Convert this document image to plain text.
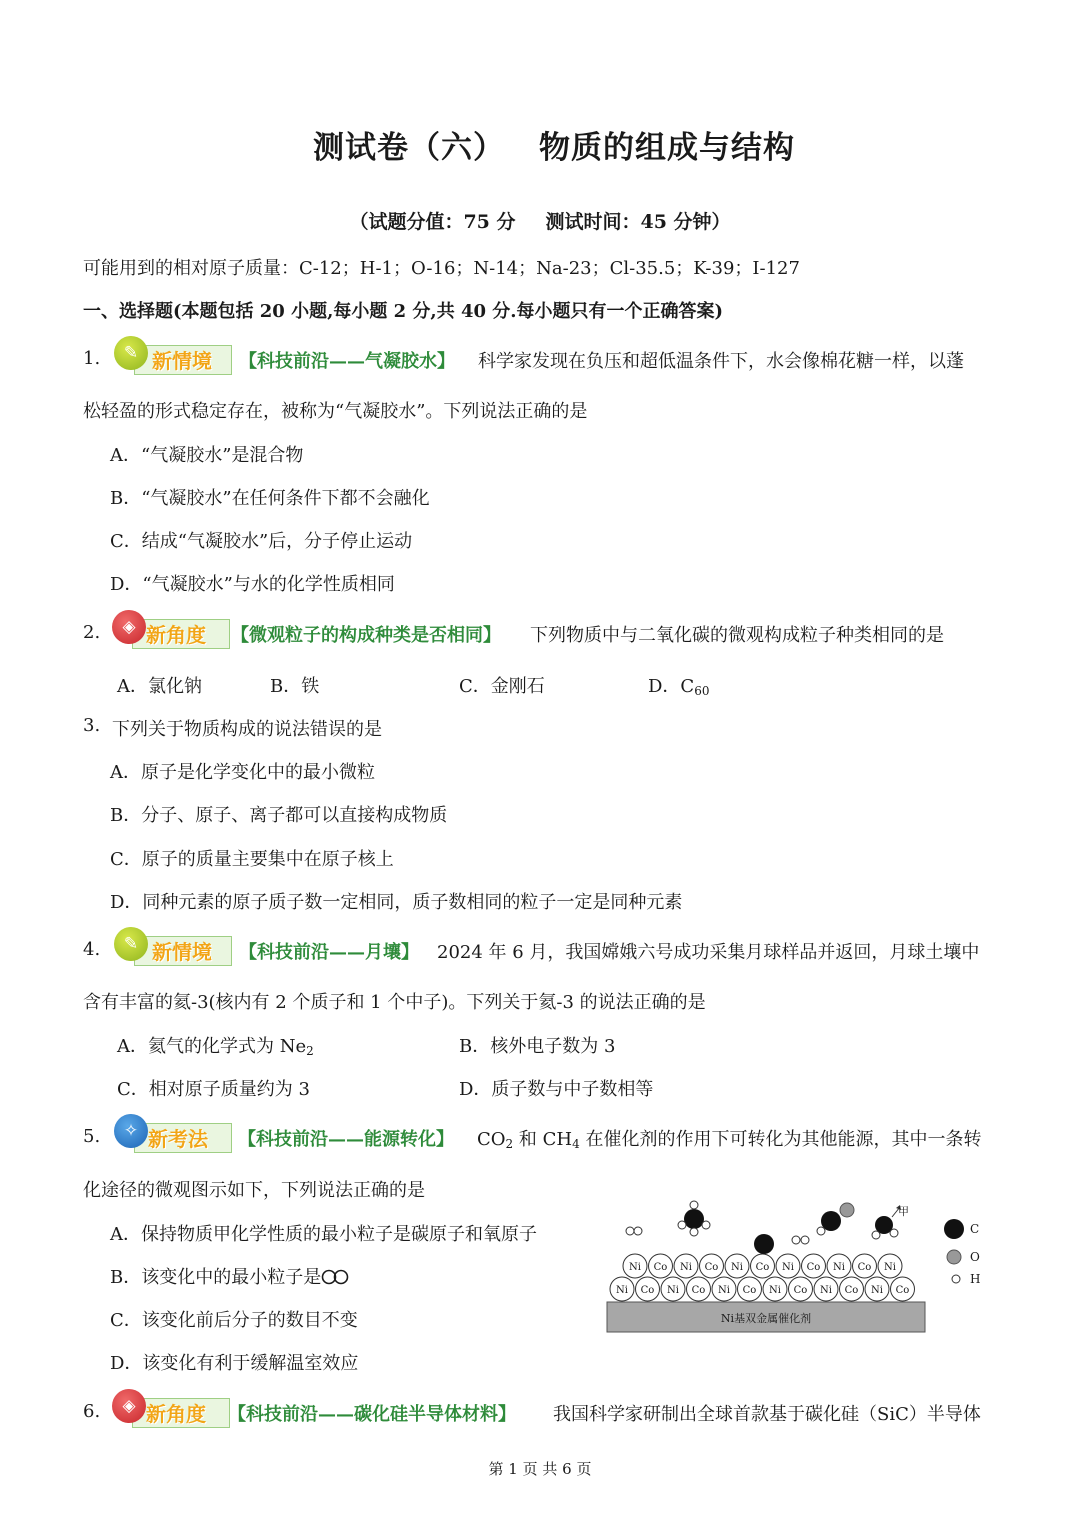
测试卷（六） 物质的组成与结构
（试题分值：75 分 测试时间：45 分钟）
可能用到的相对原子质量：C-12；H-1；O-16；N-14；Na-23；Cl-35.5；K-39；I-127
一、选择题(本题包括 20 小题,每小题 2 分,共 40 分.每小题只有一个正确答案)
1.	✎ 新情境 【科技前沿——气凝胶水】 科学家发现在负压和超低温条件下，水会像棉花糖一样，以蓬
松轻盈的形式稳定存在，被称为“气凝胶水”。下列说法正确的是
A．“气凝胶水”是混合物
B．“气凝胶水”在任何条件下都不会融化
C．结成“气凝胶水”后，分子停止运动
D．“气凝胶水”与水的化学性质相同
2.	◈ 新角度 【微观粒子的构成种类是否相同】 下列物质中与二氧化碳的微观构成粒子种类相同的是
A．氯化钠	B．铁	C．金刚石	D．$C_{60}$
3. 下列关于物质构成的说法错误的是
A．原子是化学变化中的最小微粒
B．分子、原子、离子都可以直接构成物质
C．原子的质量主要集中在原子核上
D．同种元素的原子质子数一定相同，质子数相同的粒子一定是同种元素
4.	✎ 新情境 【科技前沿——月壤】 2024 年 6 月，我国嫦娥六号成功采集月球样品并返回，月球土壤中
含有丰富的氦-3(核内有 2 个质子和 1 个中子)。下列关于氦-3 的说法正确的是
A．氦气的化学式为 $Ne_2$	B．核外电子数为 3
C．相对原子质量约为 3	D．质子数与中子数相等
5.	✧ 新考法 【科技前沿——能源转化】 $CO_2$ 和 $CH_4$ 在催化剂的作用下可转化为其他能源，其中一条转
化途径的微观图示如下，下列说法正确的是
A．保持物质甲化学性质的最小粒子是碳原子和氧原子
B．该变化中的最小粒子是
C．该变化前后分子的数目不变
D．该变化有利于缓解温室效应
Ni基双金属催化剂
Ni Co Ni Co Ni Co Ni Co Ni Co Ni Co
Ni Co Ni Co Ni Co Ni Co Ni Co Ni
甲
C
O
H
6.	◈ 新角度 【科技前沿——碳化硅半导体材料】 我国科学家研制出全球首款基于碳化硅（SiC）半导体
第 1 页 共 6 页
